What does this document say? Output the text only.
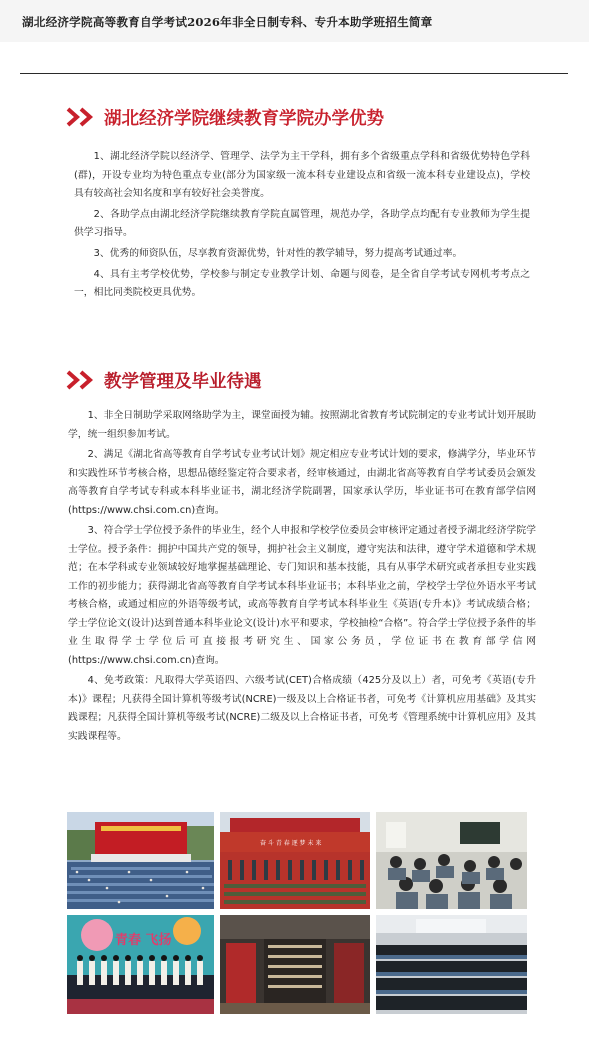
湖北经济学院高等教育自学考试2026年非全日制专科、专升本助学班招生简章
湖北经济学院继续教育学院办学优势

1、湖北经济学院以经济学、管理学、法学为主干学科，拥有多个省级重点学科和省级优势特色学科(群)，开设专业均为特色重点专业(部分为国家级一流本科专业建设点和省级一流本科专业建设点)，学校具有较高社会知名度和享有较好社会美誉度。

2、各助学点由湖北经济学院继续教育学院直属管理，规范办学，各助学点均配有专业教师为学生提供学习指导。

3、优秀的师资队伍，尽享教育资源优势，针对性的教学辅导，努力提高考试通过率。

4、具有主考学校优势，学校参与制定专业教学计划、命题与阅卷，是全省自学考试专网机考考点之一，相比同类院校更具优势。

教学管理及毕业待遇

1、非全日制助学采取网络助学为主，课堂面授为辅。按照湖北省教育考试院制定的专业考试计划开展助学，统一组织参加考试。

2、满足《湖北省高等教育自学考试专业考试计划》规定相应专业考试计划的要求，修满学分，毕业环节和实践性环节考核合格，思想品德经鉴定符合要求者，经审核通过，由湖北省高等教育自学考试委员会颁发高等教育自学考试专科或本科毕业证书，湖北经济学院副署，国家承认学历，毕业证书可在教育部学信网(https://www.chsi.com.cn)查询。

3、符合学士学位授予条件的毕业生，经个人申报和学校学位委员会审核评定通过者授予湖北经济学院学士学位。授予条件：拥护中国共产党的领导，拥护社会主义制度，遵守宪法和法律，遵守学术道德和学术规范；在本学科或专业领域较好地掌握基础理论、专门知识和基本技能，具有从事学术研究或者承担专业实践工作的初步能力；获得湖北省高等教育自学考试本科毕业证书；本科毕业之前，学校学士学位外语水平考试考核合格，或通过相应的外语等级考试，或高等教育自学考试本科毕业生《英语(专升本)》考试成绩合格；学士学位论文(设计)达到普通本科毕业论文(设计)水平和要求，学校抽检“合格”。符合学士学位授予条件的毕业生取得学士学位后可直接报考研究生、国家公务员，学位证书在教育部学信网(https://www.chsi.com.cn)查询。

4、免考政策：凡取得大学英语四、六级考试(CET)合格成绩（425分及以上）者，可免考《英语(专升本)》课程；凡获得全国计算机等级考试(NCRE)一级及以上合格证书者，可免考《计算机应用基础》及其实践课程；凡获得全国计算机等级考试(NCRE)二级及以上合格证书者，可免考《管理系统中计算机应用》及其实践课程等。

奋 斗 青 春 逐 梦 未 来
青春 飞扬
